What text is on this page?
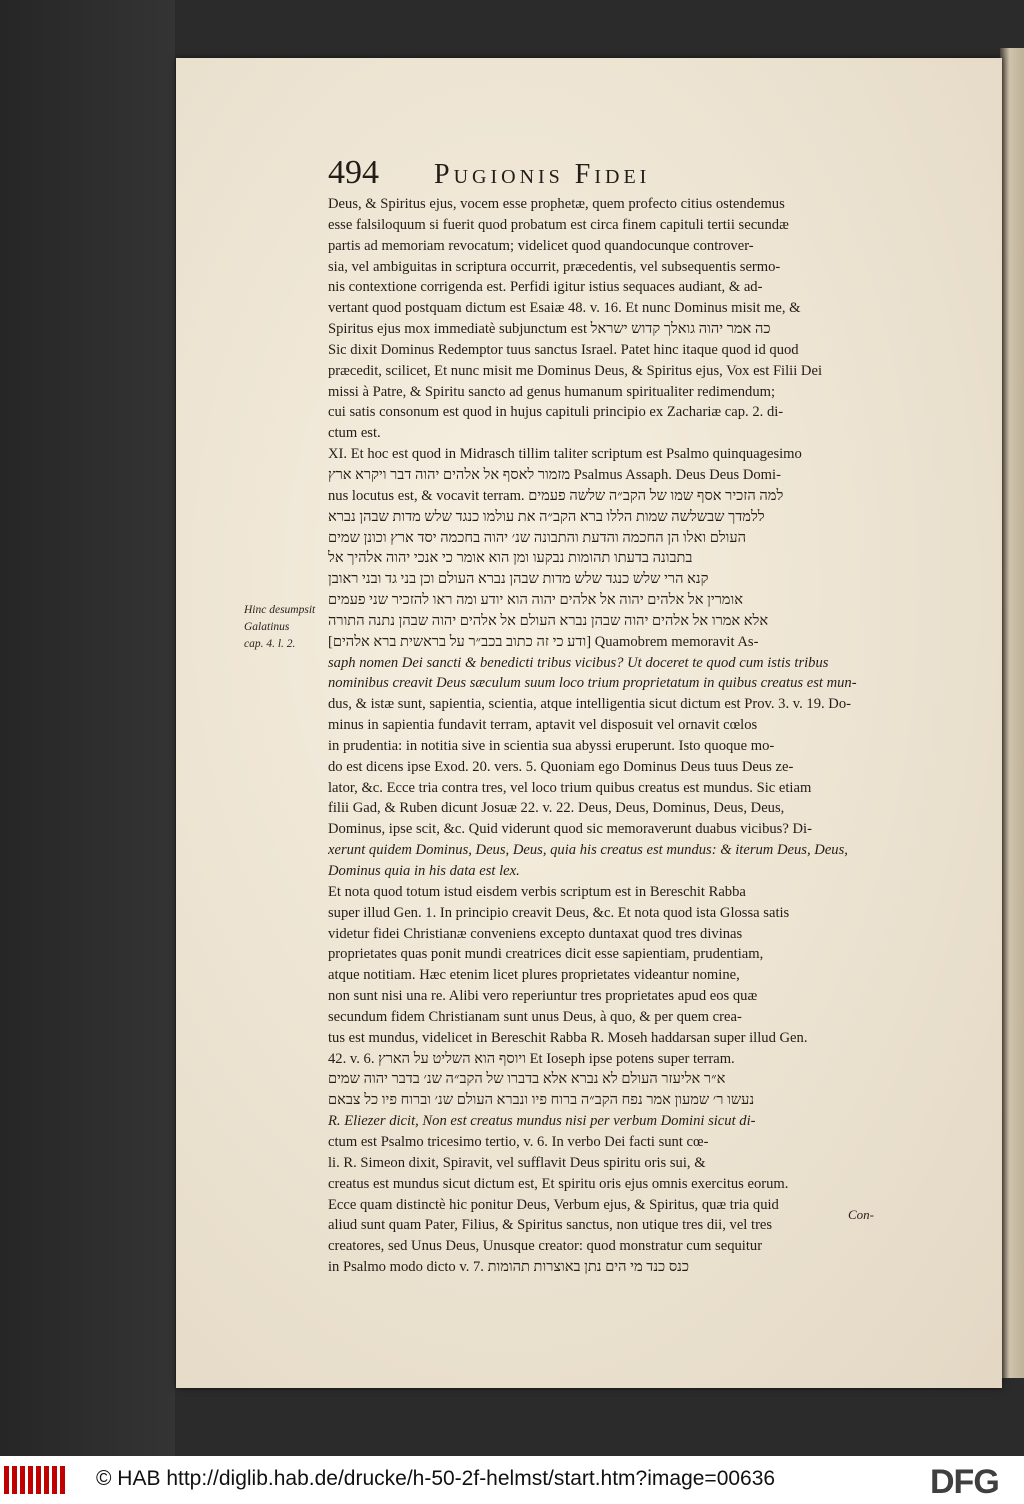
494 Pugionis Fidei
Hinc desumpsit
Galatinus
cap. 4. l. 2.
Deus, & Spiritus ejus, vocem esse prophetæ, quem profecto citius ostendemus
esse falsiloquum si fuerit quod probatum est circa finem capituli tertii secundæ
partis ad memoriam revocatum; videlicet quod quandocunque controver-
sia, vel ambiguitas in scriptura occurrit, præcedentis, vel subsequentis sermo-
nis contextione corrigenda est. Perfidi igitur istius sequaces audiant, & ad-
vertant quod postquam dictum est Esaiæ 48. v. 16. Et nunc Dominus misit me, &
Spiritus ejus mox immediatè subjunctum est כה אמר יהוה גואלך קדוש ישראל
Sic dixit Dominus Redemptor tuus sanctus Israel. Patet hinc itaque quod id quod
præcedit, scilicet, Et nunc misit me Dominus Deus, & Spiritus ejus, Vox est Filii Dei
missi à Patre, & Spiritu sancto ad genus humanum spiritualiter redimendum;
cui satis consonum est quod in hujus capituli principio ex Zachariæ cap. 2. di-
ctum est.
XI. Et hoc est quod in Midrasch tillim taliter scriptum est Psalmo quinquagesimo
מזמור לאסף אל אלהים יהוה דבר ויקרא ארץ Psalmus Assaph. Deus Deus Domi-
nus locutus est, & vocavit terram. למה הזכיר אסף שמו של הקב״ה שלשה פעמים
ללמדך שבשלשה שמות הללו ברא הקב״ה את עולמו כנגד שלש מדות שבהן נברא
העולם ואלו הן החכמה והדעת והתבונה שנ׳ יהוה בחכמה יסד ארץ וכונן שמים
בתבונה בדעתו תהומות נבקעו ומן הוא אומר כי אנכי יהוה אלהיך אל
קנא הרי שלש כנגד שלש מדות שבהן נברא העולם וכן בני גד ובני ראובן
אומרין אל אלהים יהוה אל אלהים יהוה הוא יודע ומה ראו להזכיר שני פעמים
אלא אמרו אל אלהים יהוה שבהן נברא העולם אל אלהים יהוה שבהן נתנה התורה
[ודע כי זה כתוב בכב״ר על בראשית ברא אלהים] Quamobrem memoravit As-
saph nomen Dei sancti & benedicti tribus vicibus? Ut doceret te quod cum istis tribus
nominibus creavit Deus sæculum suum loco trium proprietatum in quibus creatus est mun-
dus, & istæ sunt, sapientia, scientia, atque intelligentia sicut dictum est Prov. 3. v. 19. Do-
minus in sapientia fundavit terram, aptavit vel disposuit vel ornavit cœlos
in prudentia: in notitia sive in scientia sua abyssi eruperunt. Isto quoque mo-
do est dicens ipse Exod. 20. vers. 5. Quoniam ego Dominus Deus tuus Deus ze-
lator, &c. Ecce tria contra tres, vel loco trium quibus creatus est mundus. Sic etiam
filii Gad, & Ruben dicunt Josuæ 22. v. 22. Deus, Deus, Dominus, Deus, Deus,
Dominus, ipse scit, &c. Quid viderunt quod sic memoraverunt duabus vicibus? Di-
xerunt quidem Dominus, Deus, Deus, quia his creatus est mundus: & iterum Deus, Deus,
Dominus quia in his data est lex.
Et nota quod totum istud eisdem verbis scriptum est in Bereschit Rabba
super illud Gen. 1. In principio creavit Deus, &c. Et nota quod ista Glossa satis
videtur fidei Christianæ conveniens excepto duntaxat quod tres divinas
proprietates quas ponit mundi creatrices dicit esse sapientiam, prudentiam,
atque notitiam. Hæc etenim licet plures proprietates videantur nomine,
non sunt nisi una re. Alibi vero reperiuntur tres proprietates apud eos quæ
secundum fidem Christianam sunt unus Deus, à quo, & per quem crea-
tus est mundus, videlicet in Bereschit Rabba R. Moseh haddarsan super illud Gen.
42. v. 6. ויוסף הוא השליט על הארץ Et Ioseph ipse potens super terram.
א״ר אליעזר העולם לא נברא אלא בדברו של הקב״ה שנ׳ בדבר יהוה שמים
נעשו ר׳ שמעון אמר נפח הקב״ה ברוח פיו ונברא העולם שנ׳ וברוח פיו כל צבאם
R. Eliezer dicit, Non est creatus mundus nisi per verbum Domini sicut di-
ctum est Psalmo tricesimo tertio, v. 6. In verbo Dei facti sunt cœ-
li. R. Simeon dixit, Spiravit, vel sufflavit Deus spiritu oris sui, &
creatus est mundus sicut dictum est, Et spiritu oris ejus omnis exercitus eorum.
Ecce quam distinctè hic ponitur Deus, Verbum ejus, & Spiritus, quæ tria quid
aliud sunt quam Pater, Filius, & Spiritus sanctus, non utique tres dii, vel tres
creatores, sed Unus Deus, Unusque creator: quod monstratur cum sequitur
in Psalmo modo dicto v. 7. כנס כנד מי הים נתן באוצרות תהומות
Con-
© HAB http://diglib.hab.de/drucke/h-50-2f-helmst/start.htm?image=00636	DFG
